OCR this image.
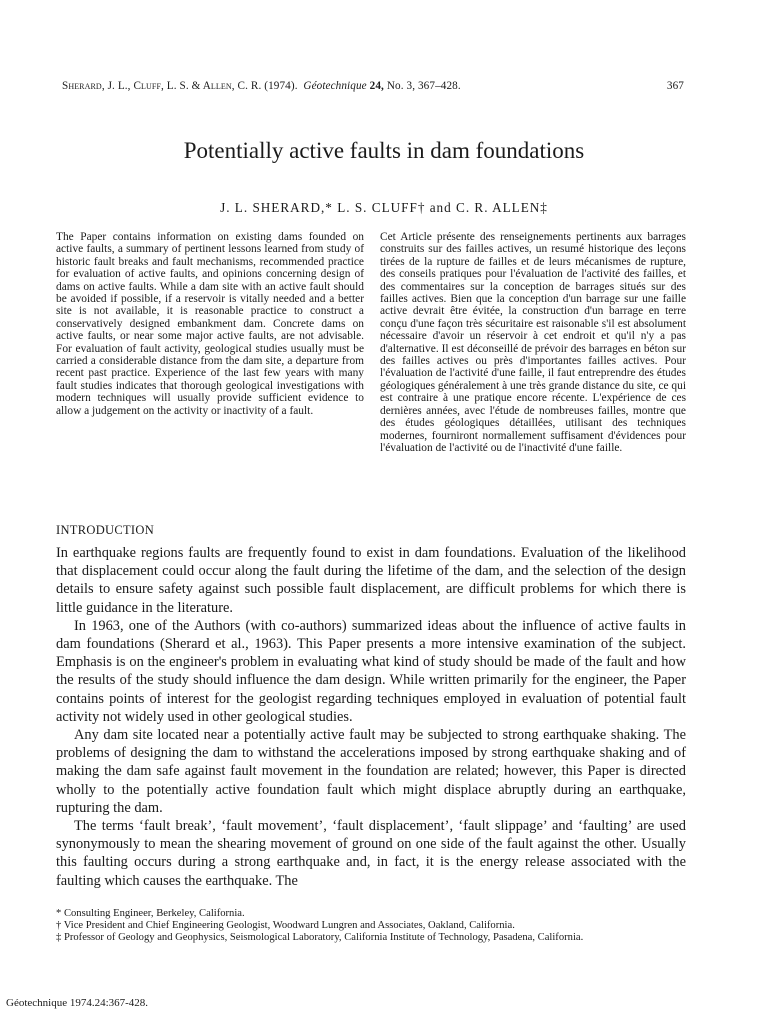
Sherard, J. L., Cluff, L. S. & Allen, C. R. (1974). Géotechnique 24, No. 3, 367–428.	367
Potentially active faults in dam foundations
J. L. SHERARD,* L. S. CLUFF† and C. R. ALLEN‡
The Paper contains information on existing dams founded on active faults, a summary of pertinent lessons learned from study of historic fault breaks and fault mechanisms, recommended practice for evaluation of active faults, and opinions concerning design of dams on active faults. While a dam site with an active fault should be avoided if possible, if a reservoir is vitally needed and a better site is not available, it is reasonable practice to construct a conservatively designed embankment dam. Concrete dams on active faults, or near some major active faults, are not advisable. For evaluation of fault activity, geological studies usually must be carried a considerable distance from the dam site, a departure from recent past practice. Experience of the last few years with many fault studies indicates that thorough geological investigations with modern techniques will usually provide sufficient evidence to allow a judgement on the activity or inactivity of a fault.
Cet Article présente des renseignements pertinents aux barrages construits sur des failles actives, un resumé historique des leçons tirées de la rupture de failles et de leurs mécanismes de rupture, des conseils pratiques pour l'évaluation de l'activité des failles, et des commentaires sur la conception de barrages situés sur des failles actives. Bien que la conception d'un barrage sur une faille active devrait être évitée, la construction d'un barrage en terre conçu d'une façon très sécuritaire est raisonable s'il est absolument nécessaire d'avoir un réservoir à cet endroit et qu'il n'y a pas d'alternative. Il est déconseillé de prévoir des barrages en béton sur des failles actives ou près d'importantes failles actives. Pour l'évaluation de l'activité d'une faille, il faut entreprendre des études géologiques généralement à une très grande distance du site, ce qui est contraire à une pratique encore récente. L'expérience de ces dernières années, avec l'étude de nombreuses failles, montre que des études géologiques détaillées, utilisant des techniques modernes, fourniront normallement suffisament d'évidences pour l'évaluation de l'activité ou de l'inactivité d'une faille.
INTRODUCTION

In earthquake regions faults are frequently found to exist in dam foundations. Evaluation of the likelihood that displacement could occur along the fault during the lifetime of the dam, and the selection of the design details to ensure safety against such possible fault displacement, are difficult problems for which there is little guidance in the literature.

In 1963, one of the Authors (with co-authors) summarized ideas about the influence of active faults in dam foundations (Sherard et al., 1963). This Paper presents a more intensive examination of the subject. Emphasis is on the engineer's problem in evaluating what kind of study should be made of the fault and how the results of the study should influence the dam design. While written primarily for the engineer, the Paper contains points of interest for the geologist regarding techniques employed in evaluation of potential fault activity not widely used in other geological studies.

Any dam site located near a potentially active fault may be subjected to strong earthquake shaking. The problems of designing the dam to withstand the accelerations imposed by strong earthquake shaking and of making the dam safe against fault movement in the foundation are related; however, this Paper is directed wholly to the potentially active foundation fault which might displace abruptly during an earthquake, rupturing the dam.

The terms ‘fault break’, ‘fault movement’, ‘fault displacement’, ‘fault slippage’ and ‘faulting’ are used synonymously to mean the shearing movement of ground on one side of the fault against the other. Usually this faulting occurs during a strong earthquake and, in fact, it is the energy release associated with the faulting which causes the earthquake. The

* Consulting Engineer, Berkeley, California.
† Vice President and Chief Engineering Geologist, Woodward Lungren and Associates, Oakland, California.
‡ Professor of Geology and Geophysics, Seismological Laboratory, California Institute of Technology, Pasadena, California.
Géotechnique 1974.24:367-428.
